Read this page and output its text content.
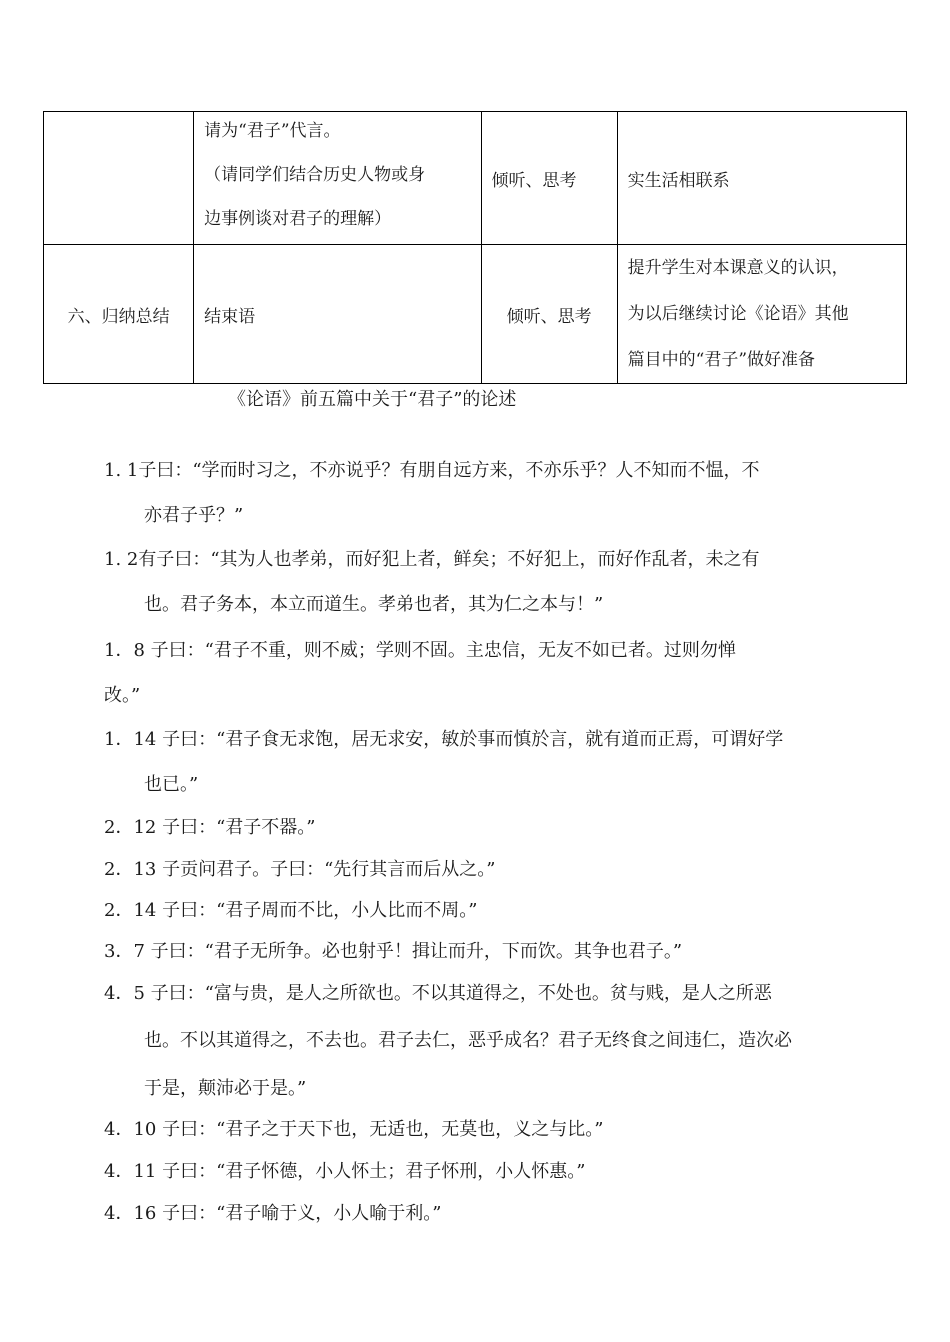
	请为“君子”代言。
（请同学们结合历史人物或身
边事例谈对君子的理解）	倾听、思考	实生活相联系

六、归纳总结	结束语	倾听、思考	提升学生对本课意义的认识，
为以后继续讨论《论语》其他
篇目中的“君子”做好准备
《论语》前五篇中关于“君子”的论述
1. 1子曰：“学而时习之，不亦说乎？有朋自远方来，不亦乐乎？人不知而不愠，不
亦君子乎？”
1. 2有子曰：“其为人也孝弟，而好犯上者，鲜矣；不好犯上，而好作乱者，未之有
也。君子务本，本立而道生。孝弟也者，其为仁之本与！”
1．8 子曰：“君子不重，则不威；学则不固。主忠信，无友不如已者。过则勿惮
改。”
1．14 子曰：“君子食无求饱，居无求安，敏於事而慎於言，就有道而正焉，可谓好学
也已。”
2．12 子曰：“君子不器。”
2．13 子贡问君子。子曰：“先行其言而后从之。”
2．14 子曰：“君子周而不比，小人比而不周。”
3．7 子曰：“君子无所争。必也射乎！揖让而升，下而饮。其争也君子。”
4．5 子曰：“富与贵，是人之所欲也。不以其道得之，不处也。贫与贱，是人之所恶
也。不以其道得之，不去也。君子去仁，恶乎成名？君子无终食之间违仁，造次必
于是，颠沛必于是。”
4．10 子曰：“君子之于天下也，无适也，无莫也，义之与比。”
4．11 子曰：“君子怀德，小人怀土；君子怀刑，小人怀惠。”
4．16 子曰：“君子喻于义，小人喻于利。”
